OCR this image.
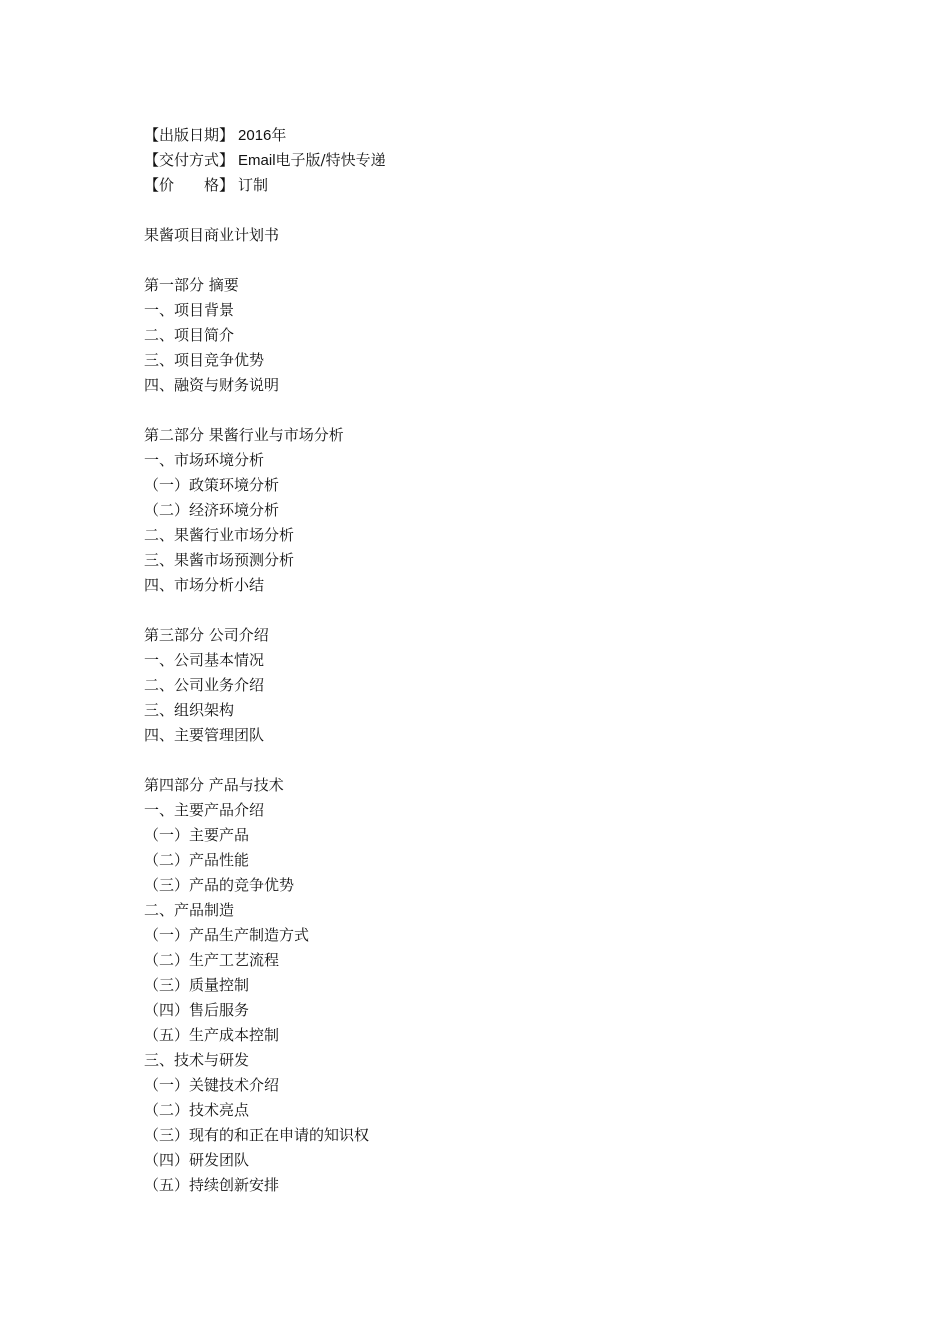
【出版日期】 2016年
【交付方式】 Email电子版/特快专递
【价 格】 订制
果酱项目商业计划书
第一部分 摘要
一、项目背景
二、项目简介
三、项目竞争优势
四、融资与财务说明
第二部分 果酱行业与市场分析
一、市场环境分析
（一）政策环境分析
（二）经济环境分析
二、果酱行业市场分析
三、果酱市场预测分析
四、市场分析小结
第三部分 公司介绍
一、公司基本情况
二、公司业务介绍
三、组织架构
四、主要管理团队
第四部分 产品与技术
一、主要产品介绍
（一）主要产品
（二）产品性能
（三）产品的竞争优势
二、产品制造
（一）产品生产制造方式
（二）生产工艺流程
（三）质量控制
（四）售后服务
（五）生产成本控制
三、技术与研发
（一）关键技术介绍
（二）技术亮点
（三）现有的和正在申请的知识权
（四）研发团队
（五）持续创新安排
